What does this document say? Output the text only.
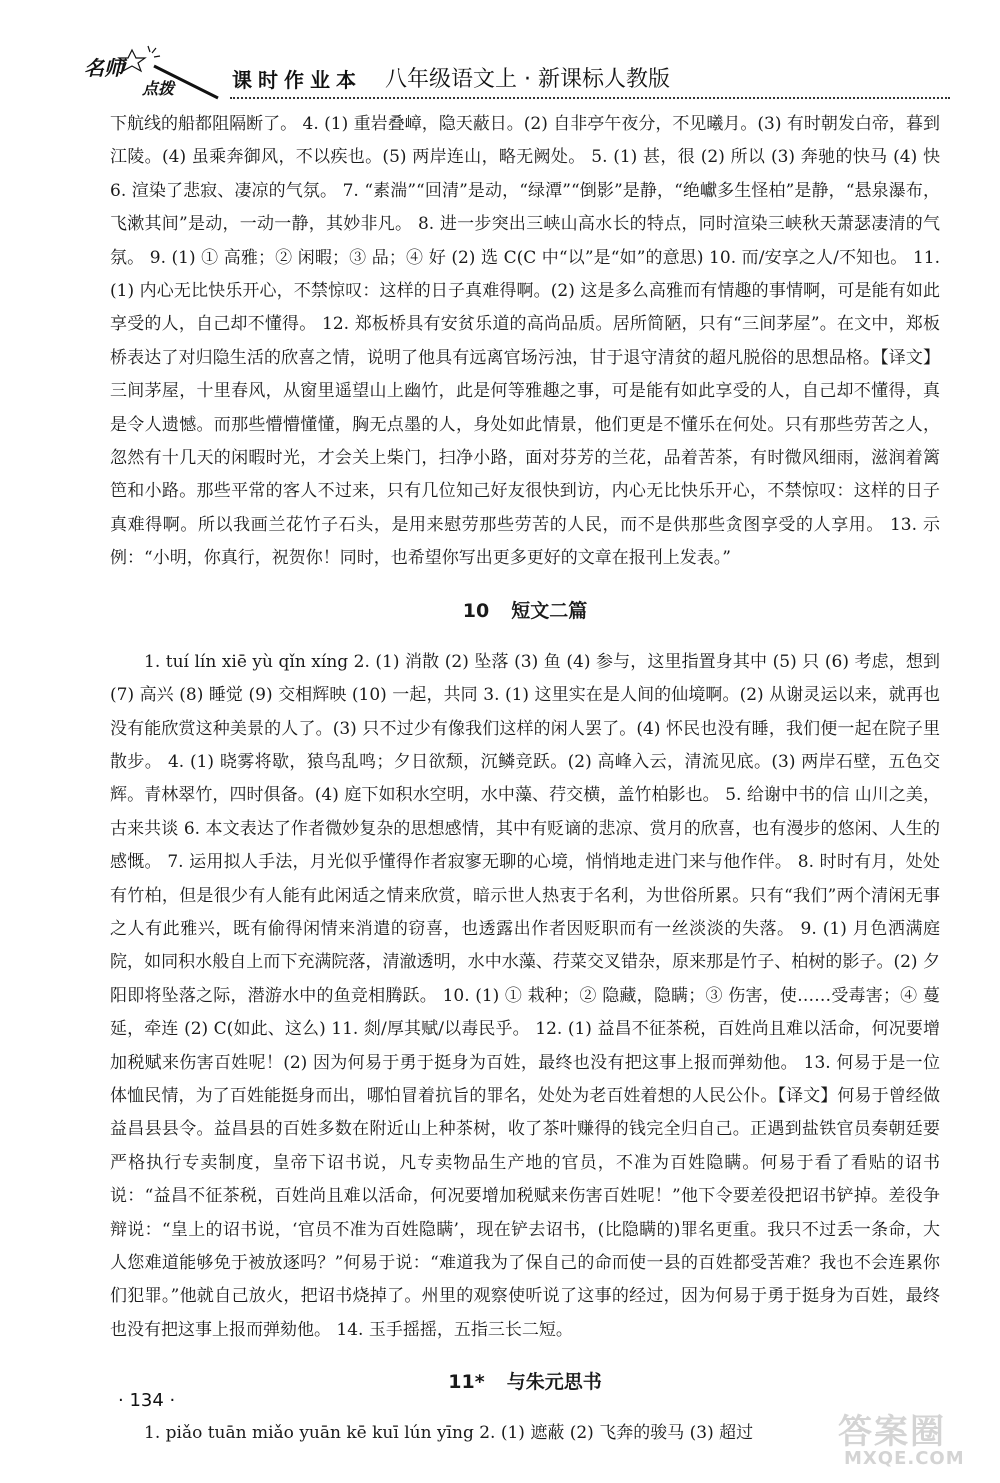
名师
点拨	课时作业本 八年级语文上 · 新课标人教版

下航线的船都阻隔断了。 4. (1) 重岩叠嶂，隐天蔽日。(2) 自非亭午夜分，不见曦月。(3) 有时朝发白帝，暮到江陵。(4) 虽乘奔御风，不以疾也。(5) 两岸连山，略无阙处。 5. (1) 甚，很 (2) 所以 (3) 奔驰的快马 (4) 快 6. 渲染了悲寂、凄凉的气氛。 7. “素湍”“回清”是动，“绿潭”“倒影”是静，“绝巘多生怪柏”是静，“悬泉瀑布，飞漱其间”是动，一动一静，其妙非凡。 8. 进一步突出三峡山高水长的特点，同时渲染三峡秋天萧瑟凄清的气氛。 9. (1) ① 高雅；② 闲暇；③ 品；④ 好 (2) 选 C(C 中“以”是“如”的意思) 10. 而/安享之人/不知也。 11. (1) 内心无比快乐开心，不禁惊叹：这样的日子真难得啊。(2) 这是多么高雅而有情趣的事情啊，可是能有如此享受的人，自己却不懂得。 12. 郑板桥具有安贫乐道的高尚品质。居所简陋，只有“三间茅屋”。在文中，郑板桥表达了对归隐生活的欣喜之情，说明了他具有远离官场污浊，甘于退守清贫的超凡脱俗的思想品格。【译文】三间茅屋，十里春风，从窗里遥望山上幽竹，此是何等雅趣之事，可是能有如此享受的人，自己却不懂得，真是令人遗憾。而那些懵懵懂懂，胸无点墨的人，身处如此情景，他们更是不懂乐在何处。只有那些劳苦之人，忽然有十几天的闲暇时光，才会关上柴门，扫净小路，面对芬芳的兰花，品着苦茶，有时微风细雨，滋润着篱笆和小路。那些平常的客人不过来，只有几位知己好友很快到访，内心无比快乐开心，不禁惊叹：这样的日子真难得啊。所以我画兰花竹子石头，是用来慰劳那些劳苦的人民，而不是供那些贪图享受的人享用。 13. 示例：“小明，你真行，祝贺你！同时，也希望你写出更多更好的文章在报刊上发表。”

10 短文二篇

1. tuí lín xiē yù qǐn xíng 2. (1) 消散 (2) 坠落 (3) 鱼 (4) 参与，这里指置身其中 (5) 只 (6) 考虑，想到 (7) 高兴 (8) 睡觉 (9) 交相辉映 (10) 一起，共同 3. (1) 这里实在是人间的仙境啊。(2) 从谢灵运以来，就再也没有能欣赏这种美景的人了。(3) 只不过少有像我们这样的闲人罢了。(4) 怀民也没有睡，我们便一起在院子里散步。 4. (1) 晓雾将歇，猿鸟乱鸣；夕日欲颓，沉鳞竞跃。(2) 高峰入云，清流见底。(3) 两岸石壁，五色交辉。青林翠竹，四时俱备。(4) 庭下如积水空明，水中藻、荇交横，盖竹柏影也。 5. 给谢中书的信 山川之美，古来共谈 6. 本文表达了作者微妙复杂的思想感情，其中有贬谪的悲凉、赏月的欣喜，也有漫步的悠闲、人生的感慨。 7. 运用拟人手法，月光似乎懂得作者寂寥无聊的心境，悄悄地走进门来与他作伴。 8. 时时有月，处处有竹柏，但是很少有人能有此闲适之情来欣赏，暗示世人热衷于名利，为世俗所累。只有“我们”两个清闲无事之人有此雅兴，既有偷得闲情来消遣的窃喜，也透露出作者因贬职而有一丝淡淡的失落。 9. (1) 月色洒满庭院，如同积水般自上而下充满院落，清澈透明，水中水藻、荇菜交叉错杂，原来那是竹子、柏树的影子。(2) 夕阳即将坠落之际，潜游水中的鱼竞相腾跃。 10. (1) ① 栽种；② 隐藏，隐瞒；③ 伤害，使……受毒害；④ 蔓延，牵连 (2) C(如此、这么) 11. 剡/厚其赋/以毒民乎。 12. (1) 益昌不征茶税，百姓尚且难以活命，何况要增加税赋来伤害百姓呢！(2) 因为何易于勇于挺身为百姓，最终也没有把这事上报而弹劾他。 13. 何易于是一位体恤民情，为了百姓能挺身而出，哪怕冒着抗旨的罪名，处处为老百姓着想的人民公仆。【译文】何易于曾经做益昌县县令。益昌县的百姓多数在附近山上种茶树，收了茶叶赚得的钱完全归自己。正遇到盐铁官员奏朝廷要严格执行专卖制度，皇帝下诏书说，凡专卖物品生产地的官员，不准为百姓隐瞒。何易于看了看贴的诏书说：“益昌不征茶税，百姓尚且难以活命，何况要增加税赋来伤害百姓呢！”他下令要差役把诏书铲掉。差役争辩说：“皇上的诏书说，‘官员不准为百姓隐瞒’，现在铲去诏书，(比隐瞒的)罪名更重。我只不过丢一条命，大人您难道能够免于被放逐吗？”何易于说：“难道我为了保自己的命而使一县的百姓都受苦难？我也不会连累你们犯罪。”他就自己放火，把诏书烧掉了。州里的观察使听说了这事的经过，因为何易于勇于挺身为百姓，最终也没有把这事上报而弹劾他。 14. 玉手摇摇，五指三长二短。

11* 与朱元思书

1. piǎo tuān miǎo yuān kē kuī lún yīng 2. (1) 遮蔽 (2) 飞奔的骏马 (3) 超过

· 134 ·
答案圈
MXQE.COM
